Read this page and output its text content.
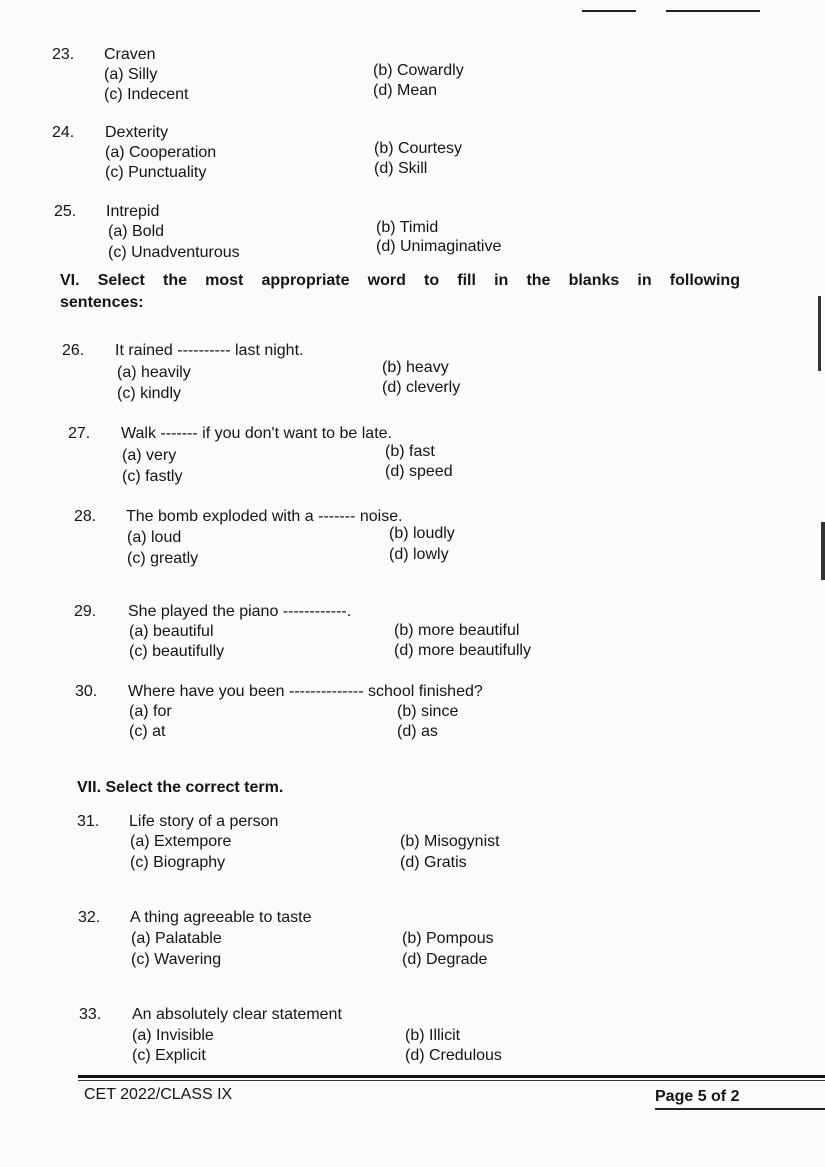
23. Craven
(a) Silly
(c) Indecent
(b) Cowardly
(d) Mean
24. Dexterity
(a) Cooperation
(c) Punctuality
(b) Courtesy
(d) Skill
25. Intrepid
(a) Bold
(c) Unadventurous
(b) Timid
(d) Unimaginative
VI. Select the most appropriate word to fill in the blanks in following
sentences:
26. It rained ---------- last night.
(a) heavily
(c) kindly
(b) heavy
(d) cleverly
27. Walk ------- if you don't want to be late.
(a) very
(c) fastly
(b) fast
(d) speed
28. The bomb exploded with a ------- noise.
(a) loud
(c) greatly
(b) loudly
(d) lowly
29. She played the piano ------------.
(a) beautiful
(c) beautifully
(b) more beautiful
(d) more beautifully
30. Where have you been -------------- school finished?
(a) for
(c) at
(b) since
(d) as
VII. Select the correct term.
31. Life story of a person
(a) Extempore
(c) Biography
(b) Misogynist
(d) Gratis
32. A thing agreeable to taste
(a) Palatable
(c) Wavering
(b) Pompous
(d) Degrade
33. An absolutely clear statement
(a) Invisible
(c) Explicit
(b) Illicit
(d) Credulous
CET 2022/CLASS IX	Page 5 of 2
